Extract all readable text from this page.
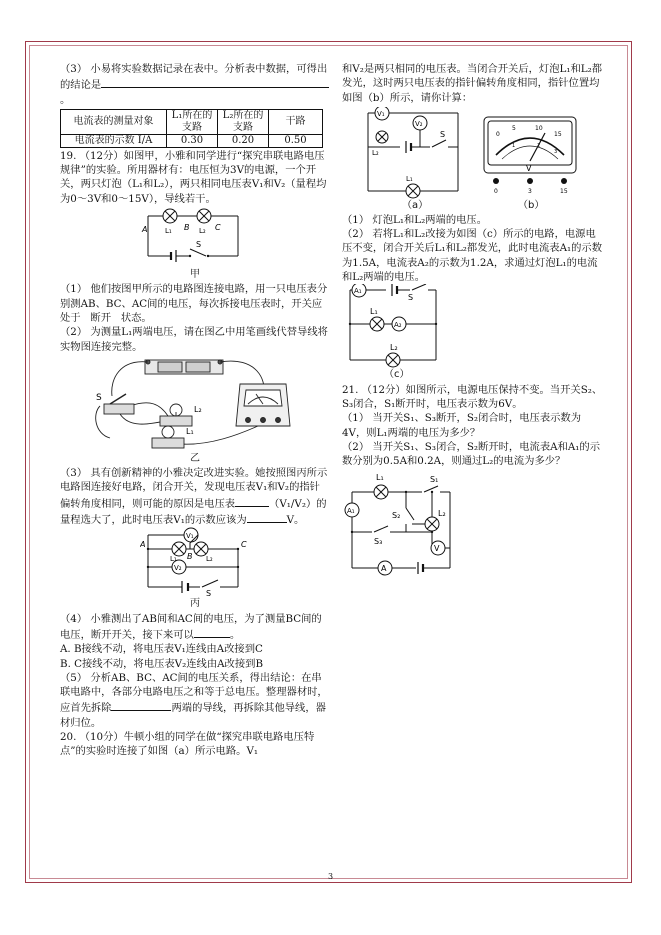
（3） 小易将实验数据记录在表中。分析表中数据，可得出的结论是。

电流表的测量对象	L₁所在的支路	L₂所在的支路	干路
电流表的示数 I/A	0.30	0.20	0.50

19. （12分）如图甲，小雅和同学进行“探究串联电路电压规律”的实验。所用器材有：电压恒为3V的电源，一个开关，两只灯泡（L₁和L₂），两只相同电压表V₁和V₂（量程均为0～3V和0～15V），导线若干。

A	B	C
L₁	L₂
S
甲

（1） 他们按图甲所示的电路图连接电路，用一只电压表分别测AB、BC、AC间的电压，每次拆接电压表时，开关应处于 断开 状态。

（2） 为测量L₁两端电压，请在图乙中用笔画线代替导线将实物图连接完整。

S
L₂
L₁
乙

（3） 具有创新精神的小雅决定改进实验。她按照图丙所示电路图连接好电路，闭合开关，发现电压表V₁和V₂的指针偏转角度相同，则可能的原因是电压表	（V₁/V₂）的量程选大了，此时电压表V₁的示数应该为	V。

V₁
V₂
A
B
C
L₁	L₂
S
丙

（4） 小雅测出了AB间和AC间的电压，为了测量BC间的电压，断开开关，接下来可以	。

A. B接线不动，将电压表V₁连线由A改接到C

B. C接线不动，将电压表V₂连线由A改接到B

（5） 分析AB、BC、AC间的电压关系，得出结论：在串联电路中，各部分电路电压之和等于总电压。整理器材时，应首先拆除	两端的导线，再拆除其他导线，器材归位。

20. （10分）牛顿小组的同学在做“探究串联电路电压特点”的实验时连接了如图（a）所示电路。V₁

和V₂是两只相同的电压表。当闭合开关后，灯泡L₁和L₂都发光，这时两只电压表的指针偏转角度相同，指针位置均如图（b）所示，请你计算：

V₁
V₂
L₂
L₁
S
（a）
0
5	10
15
1	2
3
V
0	3	15
（b）

（1） 灯泡L₁和L₂两端的电压。

（2） 若将L₁和L₂改接为如图（c）所示的电路，电源电压不变，闭合开关后L₁和L₂都发光，此时电流表A₁的示数为1.5A，电流表A₂的示数为1.2A，求通过灯泡L₁的电流和L₂两端的电压。

A₁
A₂
L₁
L₂
S
（c）

21. （12分）如图所示，电源电压保持不变。当开关S₂、S₃闭合，S₁断开时，电压表示数为6V。

（1） 当开关S₁、S₃断开，S₂闭合时，电压表示数为4V，则L₁两端的电压为多少？

（2） 当开关S₁、S₃闭合，S₂断开时，电流表A和A₁的示数分别为0.5A和0.2A，则通过L₂的电流为多少？

L₁
L₂
S₁
S₂
S₃
A
A₁
V
3
